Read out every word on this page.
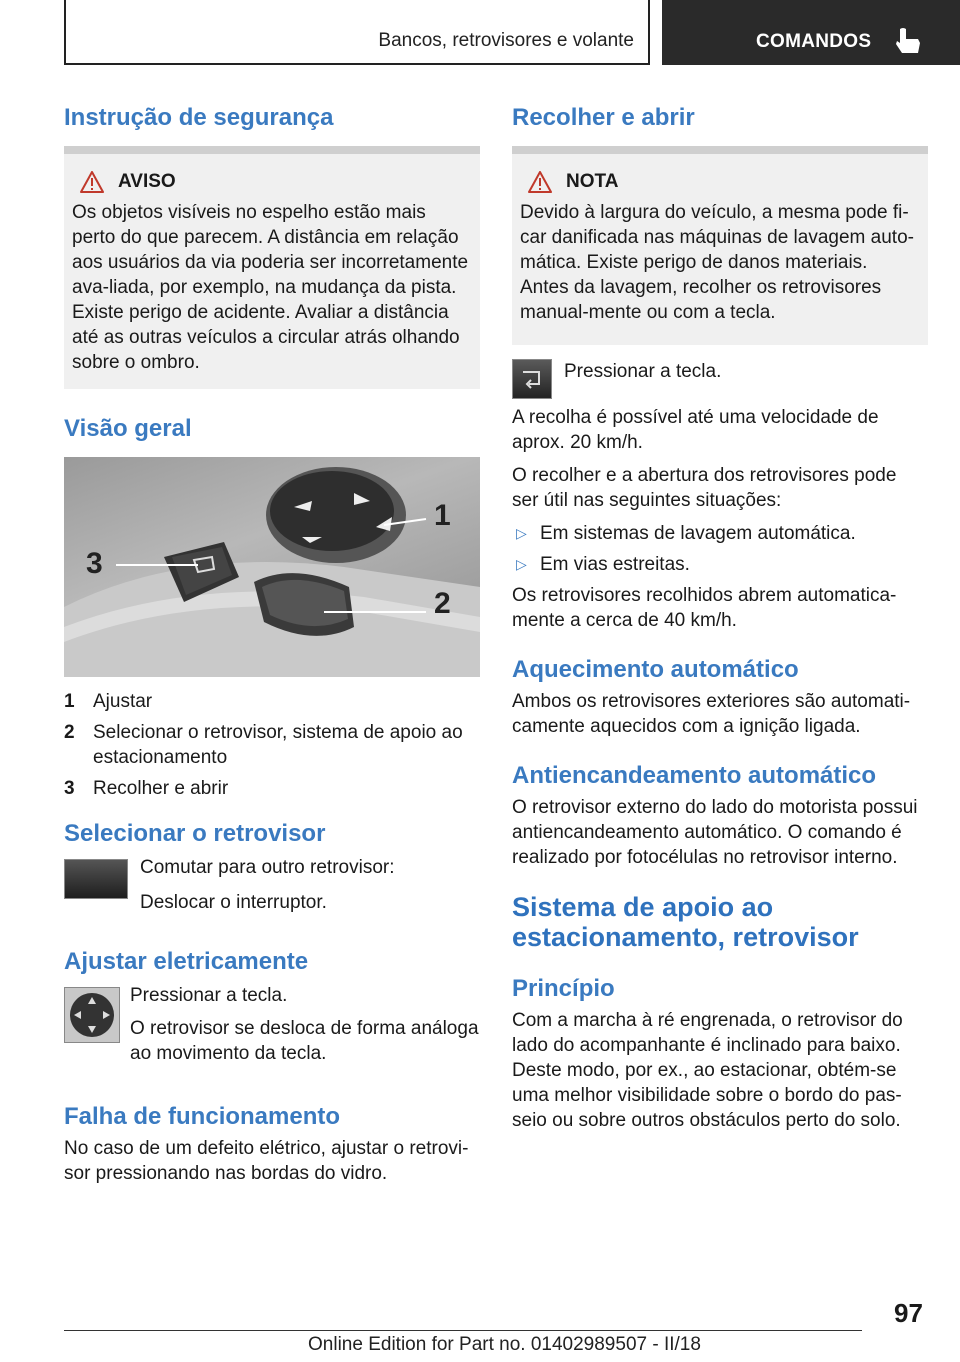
Bancos, retrovisores e volante	COMANDOS
Instrução de segurança
AVISO

Os objetos visíveis no espelho estão mais perto do que parecem. A distância em relação aos usuários da via poderia ser incorretamente ava-liada, por exemplo, na mudança da pista. Existe perigo de acidente. Avaliar a distância até as outras veículos a circular atrás olhando sobre o ombro.

Visão geral
1
2
3
1 Ajustar
2 Selecionar o retrovisor, sistema de apoio ao estacionamento
3 Recolher e abrir
Selecionar o retrovisor

Comutar para outro retrovisor:

Deslocar o interruptor.

Ajustar eletricamente

Pressionar a tecla.

O retrovisor se desloca de forma análoga ao movimento da tecla.

Falha de funcionamento

No caso de um defeito elétrico, ajustar o retrovi-sor pressionando nas bordas do vidro.

Recolher e abrir
NOTA

Devido à largura do veículo, a mesma pode fi-car danificada nas máquinas de lavagem auto-mática. Existe perigo de danos materiais. Antes da lavagem, recolher os retrovisores manual-mente ou com a tecla.

Pressionar a tecla.

A recolha é possível até uma velocidade de aprox. 20 km/h.

O recolher e a abertura dos retrovisores pode ser útil nas seguintes situações:

▷ Em sistemas de lavagem automática.
▷ Em vias estreitas.

Os retrovisores recolhidos abrem automatica-mente a cerca de 40 km/h.

Aquecimento automático

Ambos os retrovisores exteriores são automati-camente aquecidos com a ignição ligada.

Antiencandeamento automático

O retrovisor externo do lado do motorista possui antiencandeamento automático. O comando é realizado por fotocélulas no retrovisor interno.

Sistema de apoio ao estacionamento, retrovisor
Princípio

Com a marcha à ré engrenada, o retrovisor do lado do acompanhante é inclinado para baixo. Deste modo, por ex., ao estacionar, obtém-se uma melhor visibilidade sobre o bordo do pas-seio ou sobre outros obstáculos perto do solo.

97
Online Edition for Part no. 01402989507 - II/18
